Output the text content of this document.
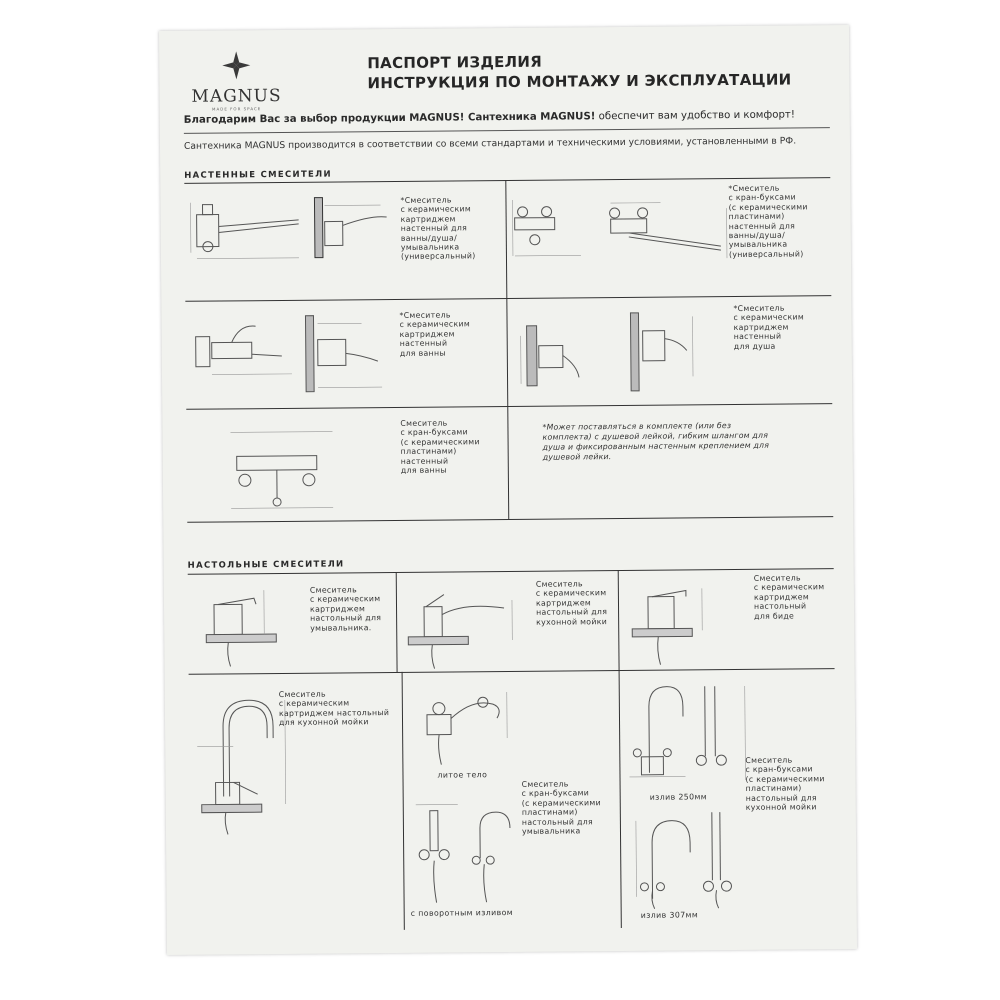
MAGNUS
MADE FOR SPACE
ПАСПОРТ ИЗДЕЛИЯ
ИНСТРУКЦИЯ ПО МОНТАЖУ И ЭКСПЛУАТАЦИИ
Благодарим Вас за выбор продукции MAGNUS! Сантехника MAGNUS! обеспечит вам удобство и комфорт!
Сантехника MAGNUS производится в соответствии со всеми стандартами и техническими условиями, установленными в РФ.
НАСТЕННЫЕ СМЕСИТЕЛИ
*Смеситель
с керамическим
картриджем
настенный для
ванны/душа/
умывальника
(универсальный)
*Смеситель
с кран-буксами
(с керамическими
пластинами)
настенный для
ванны/душа/
умывальника
(универсальный)
*Смеситель
с керамическим
картриджем
настенный
для ванны
*Смеситель
с керамическим
картриджем
настенный
для душа
Смеситель
с кран-буксами
(с керамическими
пластинами)
настенный
для ванны
*Может поставляться в комплекте (или без комплекта) с душевой лейкой, гибким шлангом для душа и фиксированным настенным креплением для душевой лейки.
НАСТОЛЬНЫЕ СМЕСИТЕЛИ
Смеситель
с керамическим
картриджем
настольный для
умывальника.
Смеситель
с керамическим
картриджем
настольный для
кухонной мойки
Смеситель
с керамическим
картриджем
настольный
для биде
Смеситель
с керамическим
картриджем настольный
для кухонной мойки
литое тело
Смеситель
с кран-буксами
(с керамическими
пластинами)
настольный для
умывальника
с поворотным изливом
излив 250мм
Смеситель
с кран-буксами
(с керамическими
пластинами)
настольный для
кухонной мойки
излив 307мм
